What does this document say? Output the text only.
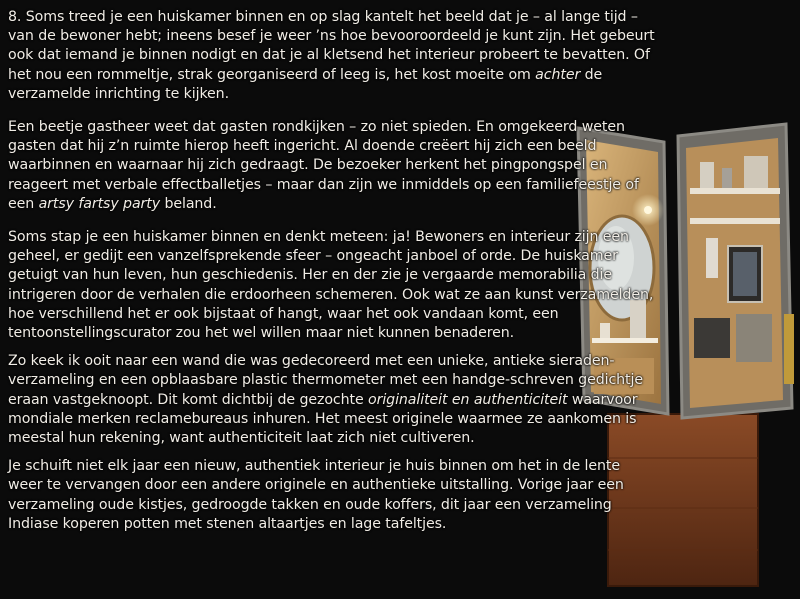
8. Soms treed je een huiskamer binnen en op slag kantelt het beeld dat je – al lange tijd – van de bewoner hebt; ineens besef je weer ’ns hoe bevooroordeeld je kunt zijn. Het gebeurt ook dat iemand je binnen nodigt en dat je al kletsend het interieur probeert te bevatten. Of het nou een rommeltje, strak georganiseerd of leeg is, het kost moeite om achter de verzamelde inrichting te kijken.

Een beetje gastheer weet dat gasten rondkijken – zo niet spieden. En omgekeerd weten gasten dat hij z’n ruimte hierop heeft ingericht. Al doende creëert hij zich een beeld waarbinnen en waarnaar hij zich gedraagt. De bezoeker herkent het pingpongspel en reageert met verbale effectballetjes – maar dan zijn we inmiddels op een familiefeestje of een artsy fartsy party beland.

Soms stap je een huiskamer binnen en denkt meteen: ja! Bewoners en interieur zijn een geheel, er gedijt een vanzelfsprekende sfeer – ongeacht janboel of orde. De huiskamer getuigt van hun leven, hun geschiedenis. Her en der zie je vergaarde memorabilia die intrigeren door de verhalen die erdoorheen schemeren. Ook wat ze aan kunst verzamelden, hoe verschillend het er ook bijstaat of hangt, waar het ook vandaan komt, een tentoonstellingscurator zou het wel willen maar niet kunnen benaderen.

Zo keek ik ooit naar een wand die was gedecoreerd met een unieke, antieke sieraden-verzameling en een opblaasbare plastic thermometer met een handge-schreven gedichtje eraan vastgeknoopt. Dit komt dichtbij de gezochte originaliteit en authenticiteit waarvoor mondiale merken reclamebureaus inhuren. Het meest originele waarmee ze aankomen is meestal hun rekening, want authenticiteit laat zich niet cultiveren.

Je schuift niet elk jaar een nieuw, authentiek interieur je huis binnen om het in de lente weer te vervangen door een andere originele en authentieke uitstalling. Vorige jaar een verzameling oude kistjes, gedroogde takken en oude koffers, dit jaar een verzameling Indiase koperen potten met stenen altaartjes en lage tafeltjes.
